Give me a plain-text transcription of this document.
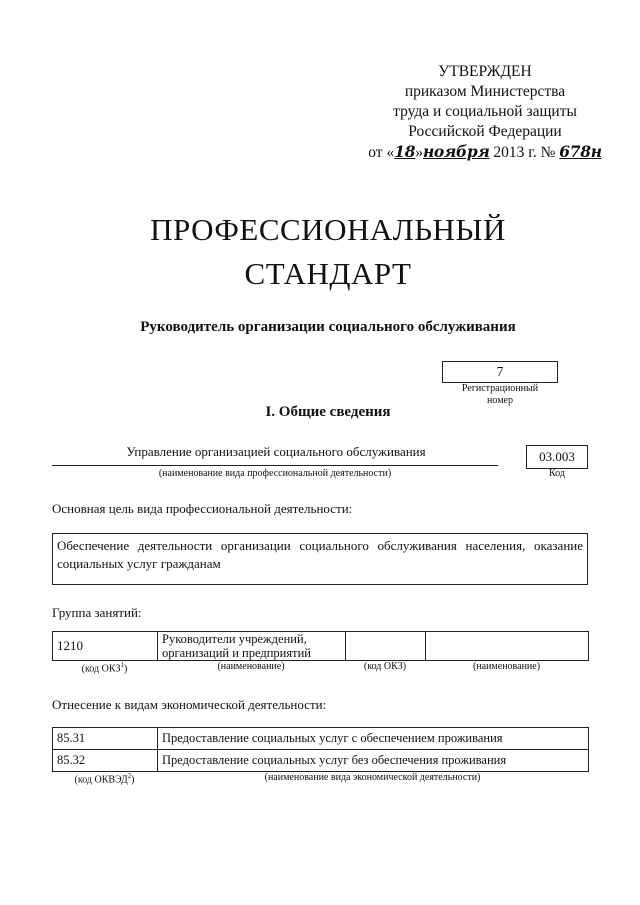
УТВЕРЖДЕН
приказом Министерства
труда и социальной защиты
Российской Федерации
от «18»ноября 2013 г. № 678н
ПРОФЕССИОНАЛЬНЫЙ
СТАНДАРТ
Руководитель организации социального обслуживания
7
Регистрационный
номер
I. Общие сведения
Управление организацией социального обслуживания
(наименование вида профессиональной деятельности)
03.003
Код
Основная цель вида профессиональной деятельности:
Обеспечение деятельности организации социального обслуживания населения, оказание социальных услуг гражданам
Группа занятий:
1210	Руководители учреждений, организаций и предприятий		
(код ОКЗ$^1$)	(наименование)	(код ОКЗ)	(наименование)
Отнесение к видам экономической деятельности:
85.31	Предоставление социальных услуг с обеспечением проживания
85.32	Предоставление социальных услуг без обеспечения проживания
(код ОКВЭД$^2$)	(наименование вида экономической деятельности)
